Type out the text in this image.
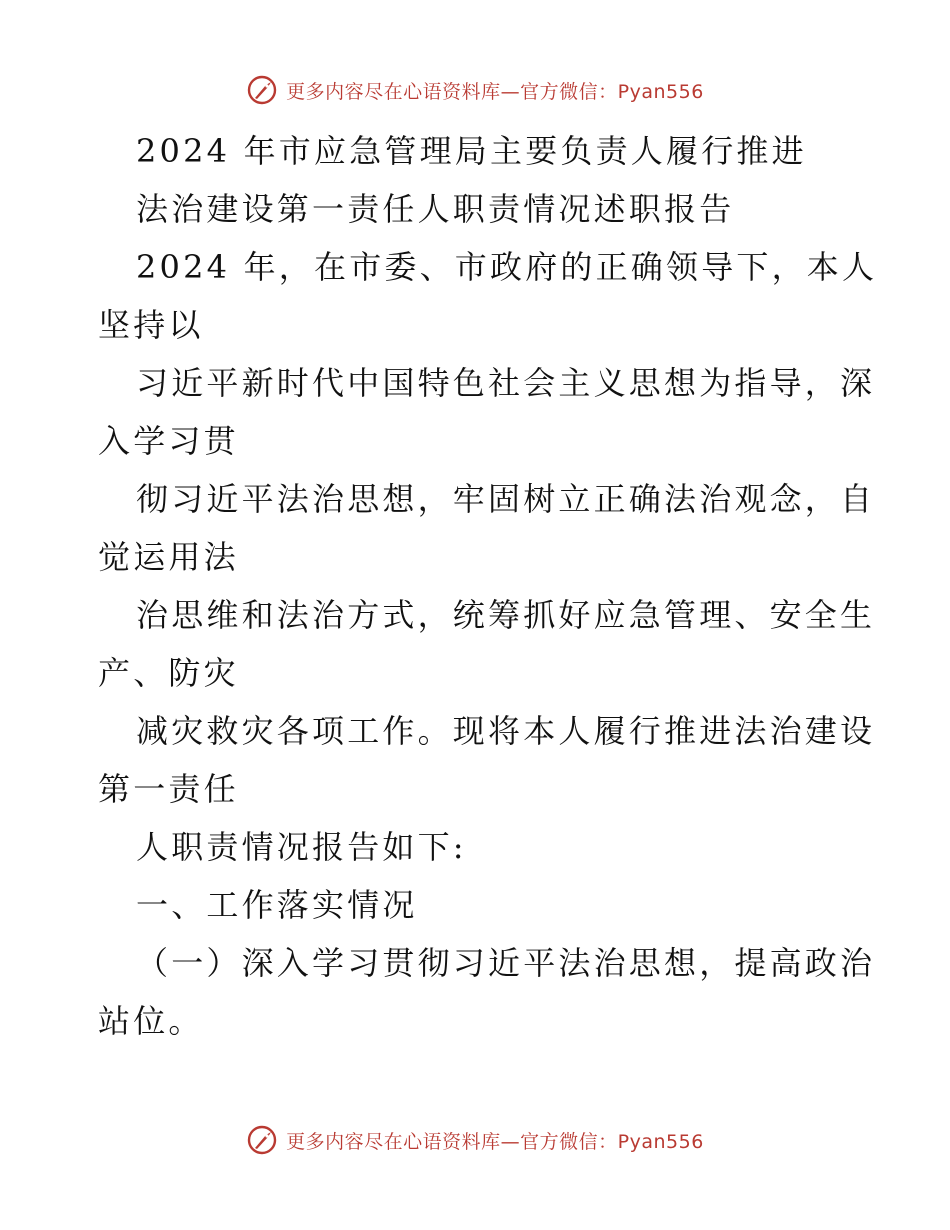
更多内容尽在心语资料库—官方微信：Pyan556

2024 年市应急管理局主要负责人履行推进

法治建设第一责任人职责情况述职报告

2024 年，在市委、市政府的正确领导下，本人

坚持以

习近平新时代中国特色社会主义思想为指导，深

入学习贯

彻习近平法治思想，牢固树立正确法治观念，自

觉运用法

治思维和法治方式，统筹抓好应急管理、安全生

产、防灾

减灾救灾各项工作。现将本人履行推进法治建设

第一责任

人职责情况报告如下:

一、工作落实情况

（一）深入学习贯彻习近平法治思想，提高政治

站位。

更多内容尽在心语资料库—官方微信：Pyan556
